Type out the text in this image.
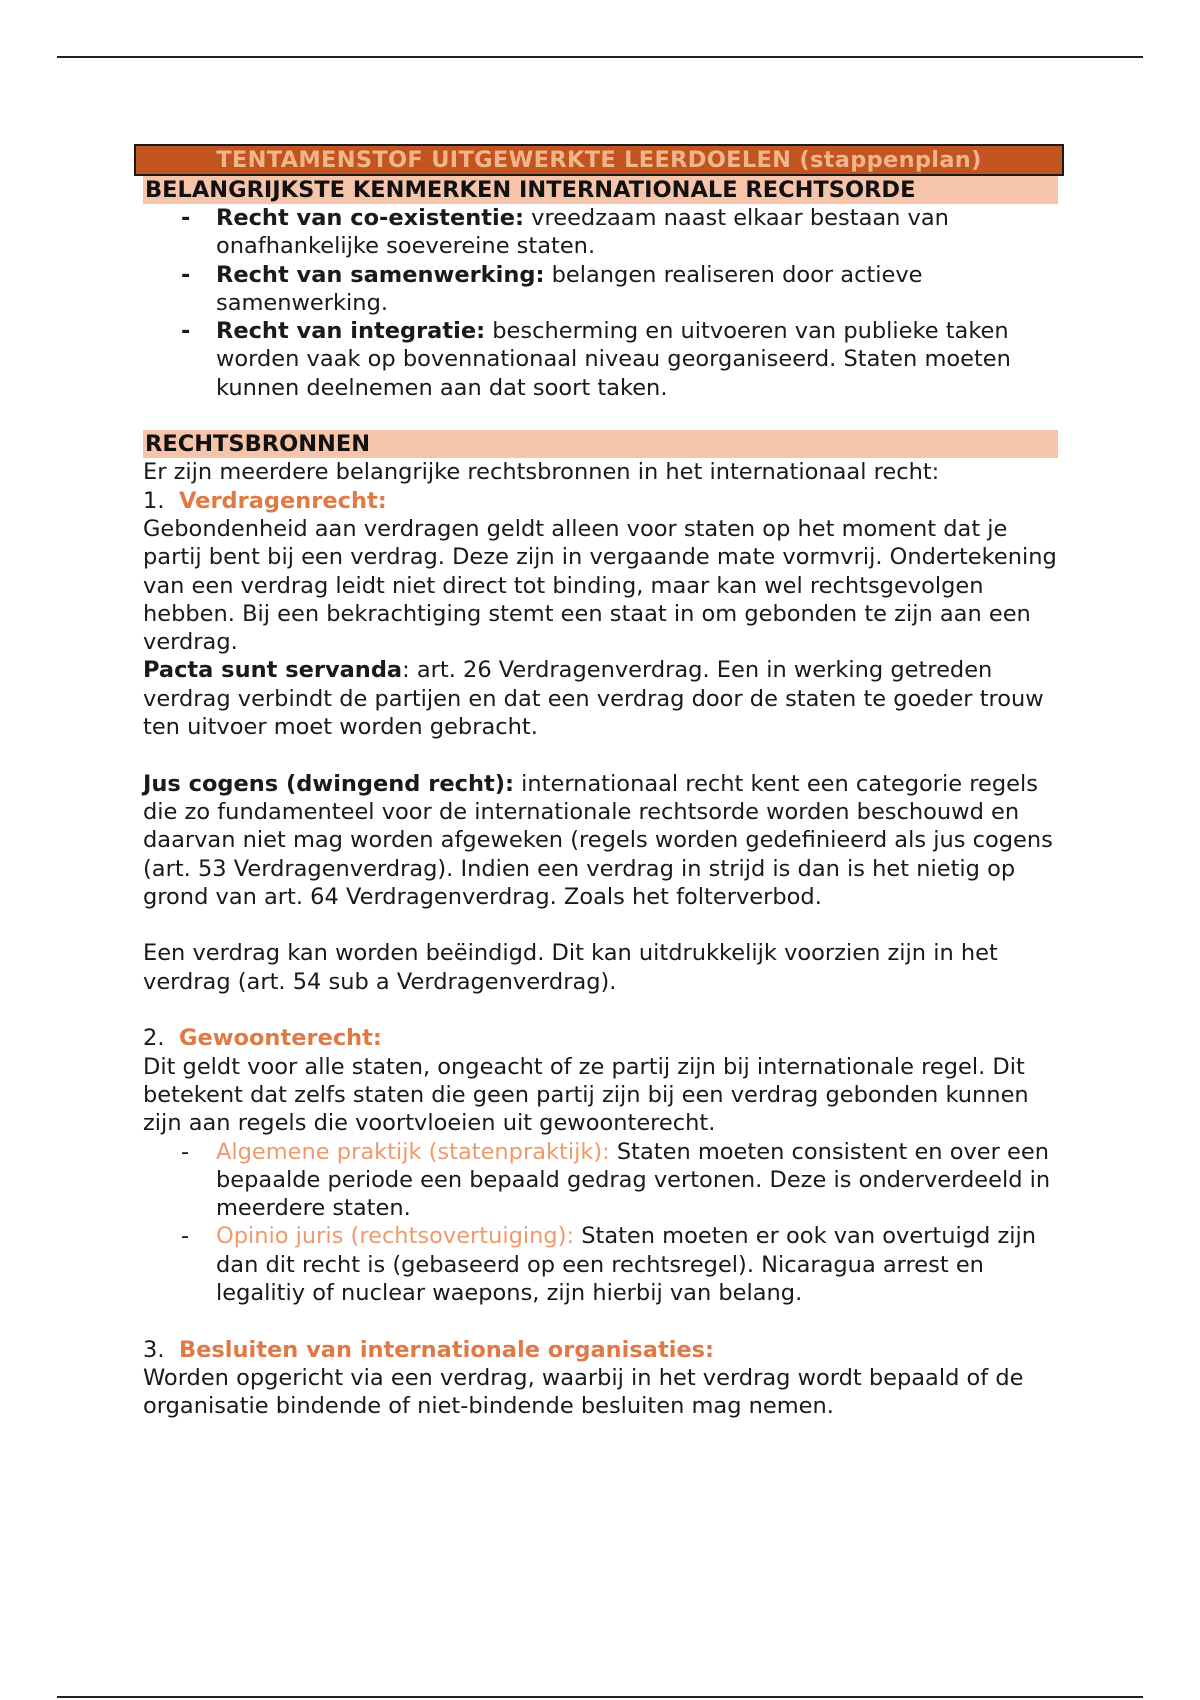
TENTAMENSTOF UITGEWERKTE LEERDOELEN (stappenplan)
BELANGRIJKSTE KENMERKEN INTERNATIONALE RECHTSORDE
- Recht van co-existentie: vreedzaam naast elkaar bestaan van onafhankelijke soevereine staten.
- Recht van samenwerking: belangen realiseren door actieve samenwerking.
- Recht van integratie: bescherming en uitvoeren van publieke taken worden vaak op bovennationaal niveau georganiseerd. Staten moeten kunnen deelnemen aan dat soort taken.
RECHTSBRONNEN

Er zijn meerdere belangrijke rechtsbronnen in het internationaal recht:

1. Verdragenrecht:

Gebondenheid aan verdragen geldt alleen voor staten op het moment dat je partij bent bij een verdrag. Deze zijn in vergaande mate vormvrij. Ondertekening van een verdrag leidt niet direct tot binding, maar kan wel rechtsgevolgen hebben. Bij een bekrachtiging stemt een staat in om gebonden te zijn aan een verdrag.

Pacta sunt servanda: art. 26 Verdragenverdrag. Een in werking getreden verdrag verbindt de partijen en dat een verdrag door de staten te goeder trouw ten uitvoer moet worden gebracht.

Jus cogens (dwingend recht): internationaal recht kent een categorie regels die zo fundamenteel voor de internationale rechtsorde worden beschouwd en daarvan niet mag worden afgeweken (regels worden gedefinieerd als jus cogens (art. 53 Verdragenverdrag). Indien een verdrag in strijd is dan is het nietig op grond van art. 64 Verdragenverdrag. Zoals het folterverbod.

Een verdrag kan worden beëindigd. Dit kan uitdrukkelijk voorzien zijn in het verdrag (art. 54 sub a Verdragenverdrag).

2. Gewoonterecht:

Dit geldt voor alle staten, ongeacht of ze partij zijn bij internationale regel. Dit betekent dat zelfs staten die geen partij zijn bij een verdrag gebonden kunnen zijn aan regels die voortvloeien uit gewoonterecht.

- Algemene praktijk (statenpraktijk): Staten moeten consistent en over een bepaalde periode een bepaald gedrag vertonen. Deze is onderverdeeld in meerdere staten.
- Opinio juris (rechtsovertuiging): Staten moeten er ook van overtuigd zijn dan dit recht is (gebaseerd op een rechtsregel). Nicaragua arrest en legalitiy of nuclear waepons, zijn hierbij van belang.

3. Besluiten van internationale organisaties:

Worden opgericht via een verdrag, waarbij in het verdrag wordt bepaald of de organisatie bindende of niet-bindende besluiten mag nemen.
